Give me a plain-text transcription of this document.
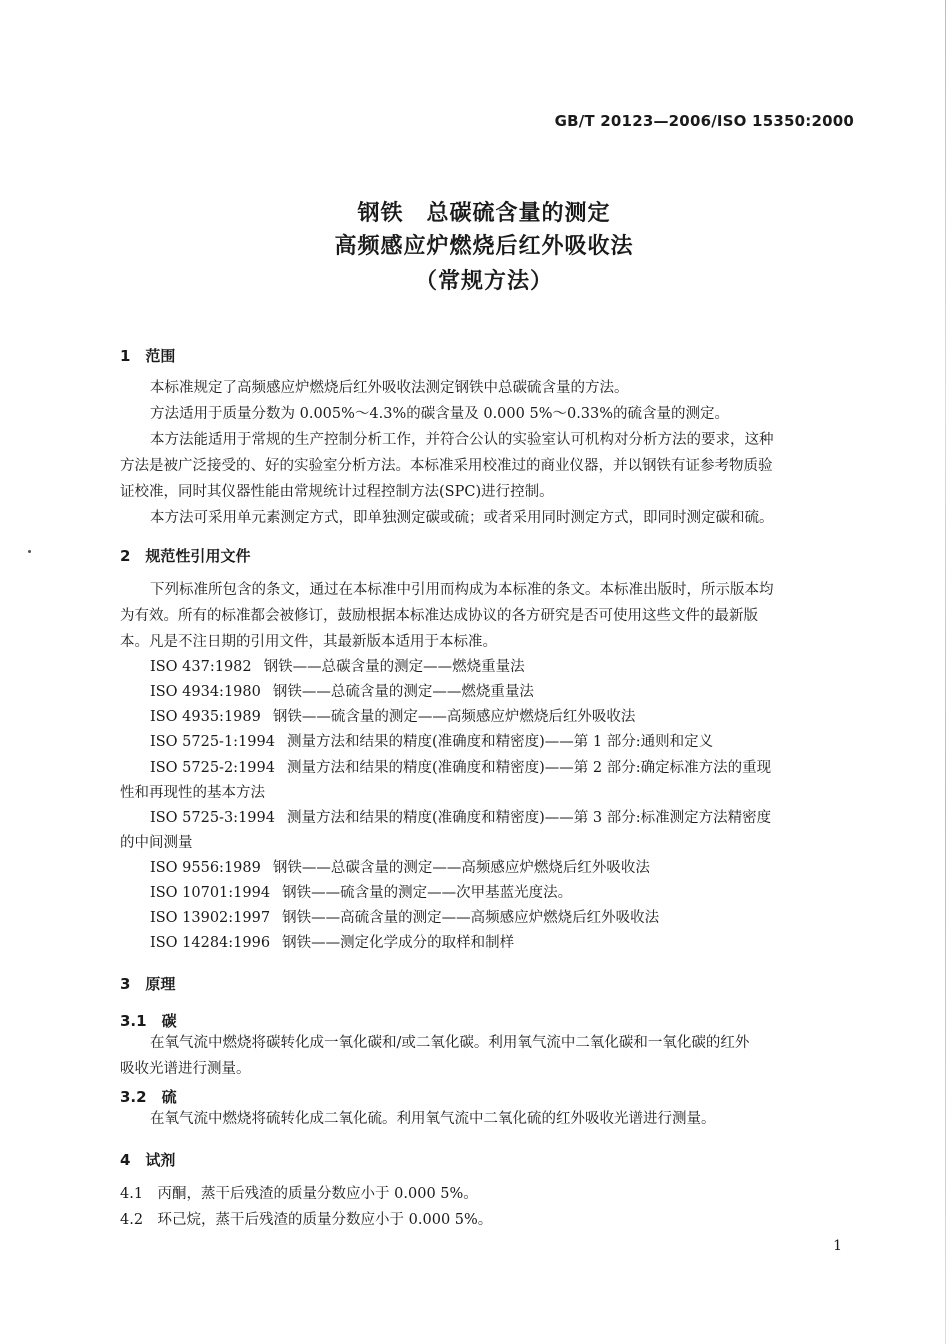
GB/T 20123—2006/ISO 15350:2000
钢铁　总碳硫含量的测定
高频感应炉燃烧后红外吸收法
（常规方法）
1　范围
本标准规定了高频感应炉燃烧后红外吸收法测定钢铁中总碳硫含量的方法。
方法适用于质量分数为 0.005%～4.3%的碳含量及 0.000 5%～0.33%的硫含量的测定。
本方法能适用于常规的生产控制分析工作，并符合公认的实验室认可机构对分析方法的要求，这种
方法是被广泛接受的、好的实验室分析方法。本标准采用校准过的商业仪器，并以钢铁有证参考物质验
证校准，同时其仪器性能由常规统计过程控制方法(SPC)进行控制。
本方法可采用单元素测定方式，即单独测定碳或硫；或者采用同时测定方式，即同时测定碳和硫。
2　规范性引用文件
下列标准所包含的条文，通过在本标准中引用而构成为本标准的条文。本标准出版时，所示版本均
为有效。所有的标准都会被修订，鼓励根据本标准达成协议的各方研究是否可使用这些文件的最新版
本。凡是不注日期的引用文件，其最新版本适用于本标准。
ISO 437:1982 钢铁——总碳含量的测定——燃烧重量法
ISO 4934:1980 钢铁——总硫含量的测定——燃烧重量法
ISO 4935:1989 钢铁——硫含量的测定——高频感应炉燃烧后红外吸收法
ISO 5725-1:1994 测量方法和结果的精度(准确度和精密度)——第 1 部分:通则和定义
ISO 5725-2:1994 测量方法和结果的精度(准确度和精密度)——第 2 部分:确定标准方法的重现
性和再现性的基本方法
ISO 5725-3:1994 测量方法和结果的精度(准确度和精密度)——第 3 部分:标准测定方法精密度
的中间测量
ISO 9556:1989 钢铁——总碳含量的测定——高频感应炉燃烧后红外吸收法
ISO 10701:1994 钢铁——硫含量的测定——次甲基蓝光度法。
ISO 13902:1997 钢铁——高硫含量的测定——高频感应炉燃烧后红外吸收法
ISO 14284:1996 钢铁——测定化学成分的取样和制样
3　原理
3.1　碳
在氧气流中燃烧将碳转化成一氧化碳和/或二氧化碳。利用氧气流中二氧化碳和一氧化碳的红外
吸收光谱进行测量。
3.2　硫
在氧气流中燃烧将硫转化成二氧化硫。利用氧气流中二氧化硫的红外吸收光谱进行测量。
4　试剂
4.1　丙酮，蒸干后残渣的质量分数应小于 0.000 5%。
4.2　环己烷，蒸干后残渣的质量分数应小于 0.000 5%。
1
